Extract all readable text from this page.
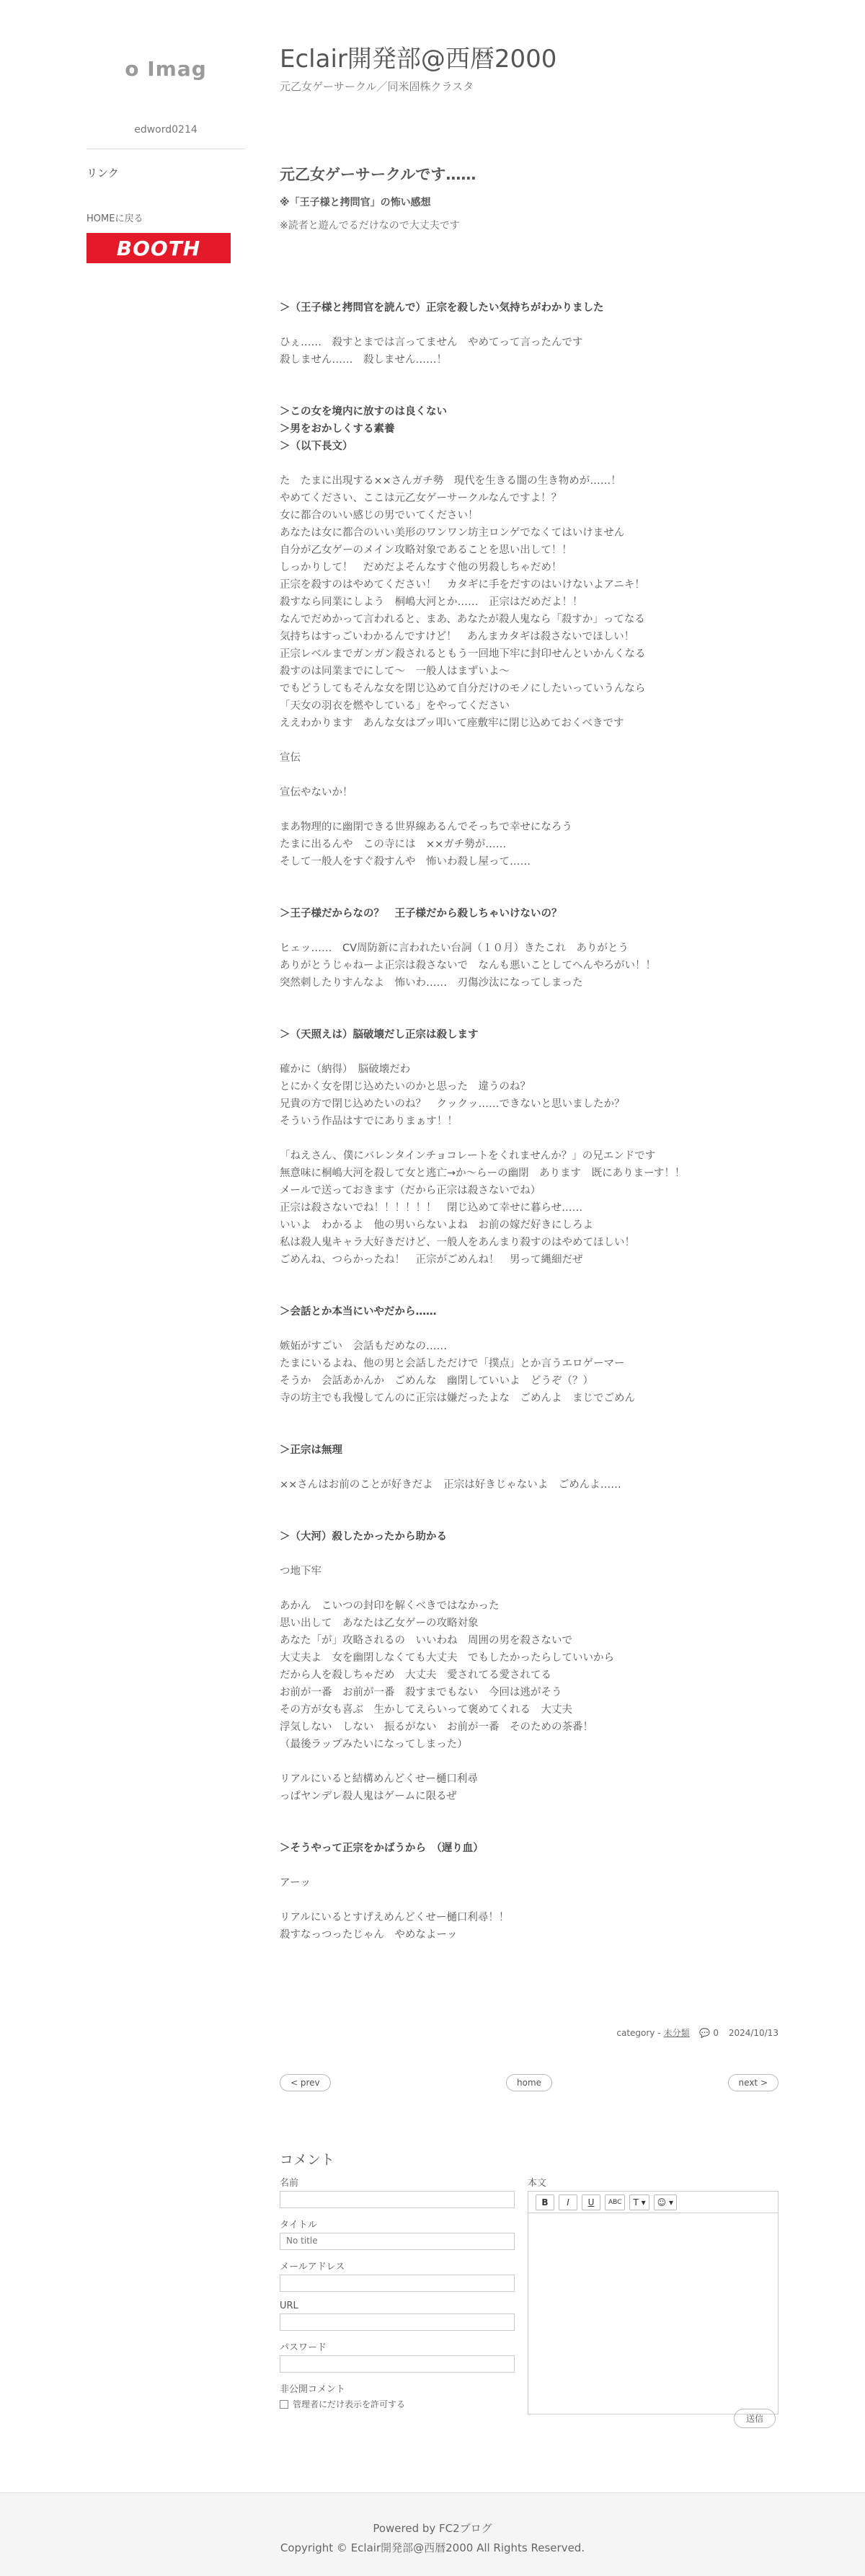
o Imag
edword0214
リンク
HOMEに戻る
BOOTH
Eclair開発部@西暦2000
元乙女ゲーサークル／同米固株クラスタ
元乙女ゲーサークルです……
※「王子様と拷問官」の怖い感想
※読者と遊んでるだけなので大丈夫です
＞（王子様と拷問官を読んで）正宗を殺したい気持ちがわかりました
ひぇ……　殺すとまでは言ってません　やめてって言ったんです
殺しません……　殺しません……！
＞この女を境内に放すのは良くない
＞男をおかしくする素養
＞（以下長文）
た　たまに出現する××さんガチ勢　現代を生きる闇の生き物めが……！
やめてください、ここは元乙女ゲーサークルなんですよ！？
女に都合のいい感じの男でいてください！
あなたは女に都合のいい美形のワンワン坊主ロンゲでなくてはいけません
自分が乙女ゲーのメイン攻略対象であることを思い出して！！
しっかりして！　だめだよそんなすぐ他の男殺しちゃだめ！
正宗を殺すのはやめてください！　カタギに手をだすのはいけないよアニキ！
殺すなら同業にしよう　桐嶋大河とか……　正宗はだめだよ！！
なんでだめかって言われると、まあ、あなたが殺人鬼なら「殺すか」ってなる
気持ちはすっごいわかるんですけど！　あんまカタギは殺さないでほしい！
正宗レベルまでガンガン殺されるともう一回地下牢に封印せんといかんくなる
殺すのは同業までにして〜　一般人はまずいよ〜
でもどうしてもそんな女を閉じ込めて自分だけのモノにしたいっていうんなら
「天女の羽衣を燃やしている」をやってください
ええわかります　あんな女はブッ叩いて座敷牢に閉じ込めておくべきです
宣伝
宣伝やないか！
まあ物理的に幽閉できる世界線あるんでそっちで幸せになろう
たまに出るんや　この寺には　××ガチ勢が……
そして一般人をすぐ殺すんや　怖いわ殺し屋って……
＞王子様だからなの？　王子様だから殺しちゃいけないの？
ヒェッ……　CV周防新に言われたい台詞（１０月）きたこれ　ありがとう
ありがとうじゃねーよ正宗は殺さないで　なんも悪いことしてへんやろがい！！
突然刺したりすんなよ　怖いわ……　刃傷沙汰になってしまった
＞（天照えは）脳破壊だし正宗は殺します
確かに（納得）　脳破壊だわ
とにかく女を閉じ込めたいのかと思った　違うのね？
兄貴の方で閉じ込めたいのね？　クックッ……できないと思いましたか？
そういう作品はすでにありまぁす！！
「ねえさん、僕にバレンタインチョコレートをくれませんか？」の兄エンドです
無意味に桐嶋大河を殺して女と逃亡→か〜らーの幽閉　あります　既にありまーす！！
メールで送っておきます（だから正宗は殺さないでね）
正宗は殺さないでね！！！！！！　閉じ込めて幸せに暮らせ……
いいよ　わかるよ　他の男いらないよね　お前の嫁だ好きにしろよ
私は殺人鬼キャラ大好きだけど、一般人をあんまり殺すのはやめてほしい！
ごめんね、つらかったね！　正宗がごめんね！　男って縄細だぜ
＞会話とか本当にいやだから……
嫉妬がすごい　会話もだめなの……
たまにいるよね、他の男と会話しただけで「撲点」とか言うエロゲーマー
そうか　会話あかんか　ごめんな　幽閉していいよ　どうぞ（？）
寺の坊主でも我慢してんのに正宗は嫌だったよな　ごめんよ　まじでごめん
＞正宗は無理
××さんはお前のことが好きだよ　正宗は好きじゃないよ　ごめんよ……
＞（大河）殺したかったから助かる
つ地下牢
あかん　こいつの封印を解くべきではなかった
思い出して　あなたは乙女ゲーの攻略対象
あなた「が」攻略されるの　いいわね　周囲の男を殺さないで
大丈夫よ　女を幽閉しなくても大丈夫　でもしたかったらしていいから
だから人を殺しちゃだめ　大丈夫　愛されてる愛されてる
お前が一番　お前が一番　殺すまでもない　今回は逃がそう
その方が女も喜ぶ　生かしてえらいって褒めてくれる　大丈夫
浮気しない　しない　振るがない　お前が一番　そのための茶番！
（最後ラップみたいになってしまった）
リアルにいると結構めんどくせー樋口利尋
っぱヤンデレ殺人鬼はゲームに限るぜ
＞そうやって正宗をかばうから　（遅り血）
アーッ
リアルにいるとすげえめんどくせー樋口利尋！！
殺すなっつったじゃん　やめなよーッ
category - 未分類 💬 0 2024/10/13
< prev	home	next >
コメント
名前
タイトル
No title
メールアドレス
URL
パスワード
非公開コメント
管理者にだけ表示を許可する
本文
B	I	U	ABC	T ▾	☺ ▾
送信
Powered by FC2ブログ
Copyright © Eclair開発部@西暦2000 All Rights Reserved.
